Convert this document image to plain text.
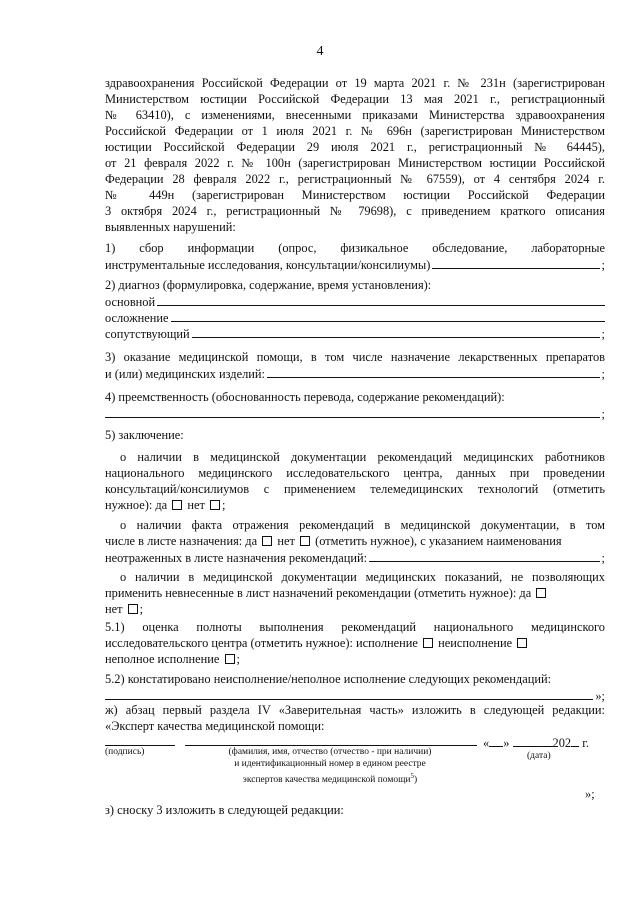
4
здравоохранения Российской Федерации от 19 марта 2021 г. № 231н (зарегистрирован
Министерством юстиции Российской Федерации 13 мая 2021 г., регистрационный
№ 63410), с изменениями, внесенными приказами Министерства здравоохранения
Российской Федерации от 1 июля 2021 г. № 696н (зарегистрирован Министерством
юстиции Российской Федерации 29 июля 2021 г., регистрационный № 64445),
от 21 февраля 2022 г. № 100н (зарегистрирован Министерством юстиции Российской
Федерации 28 февраля 2022 г., регистрационный № 67559), от 4 сентября 2024 г.
№ 449н (зарегистрирован Министерством юстиции Российской Федерации
3 октября 2024 г., регистрационный № 79698), с приведением краткого описания
выявленных нарушений:
1) сбор информации (опрос, физикальное обследование, лабораторные
инструментальные исследования, консультации/консилиумы)	;
2) диагноз (формулировка, содержание, время установления):
основной
осложнение
сопутствующий	;
3) оказание медицинской помощи, в том числе назначение лекарственных препаратов
и (или) медицинских изделий:	;
4) преемственность (обоснованность перевода, содержание рекомендаций):
;
5) заключение:
о наличии в медицинской документации рекомендаций медицинских работников
национального медицинского исследовательского центра, данных при проведении
консультаций/консилиумов с применением телемедицинских технологий (отметить
нужное): да нет ;
о наличии факта отражения рекомендаций в медицинской документации, в том
числе в листе назначения: да нет (отметить нужное), с указанием наименования
неотраженных в листе назначения рекомендаций:	;
о наличии в медицинской документации медицинских показаний, не позволяющих
применить невнесенные в лист назначений рекомендации (отметить нужное): да
нет ;
5.1) оценка полноты выполнения рекомендаций национального медицинского
исследовательского центра (отметить нужное): исполнение неисполнение
неполное исполнение ;
5.2) констатировано неисполнение/неполное исполнение следующих рекомендаций:
»;
ж) абзац первый раздела IV «Заверительная часть» изложить в следующей редакции:
«Эксперт качества медицинской помощи:
« »	202 г.
(подпись)	(фамилия, имя, отчество (отчество - при наличии)
и идентификационный номер в едином реестре
экспертов качества медицинской помощи$^5$)
(дата)
»;
з) сноску 3 изложить в следующей редакции:
